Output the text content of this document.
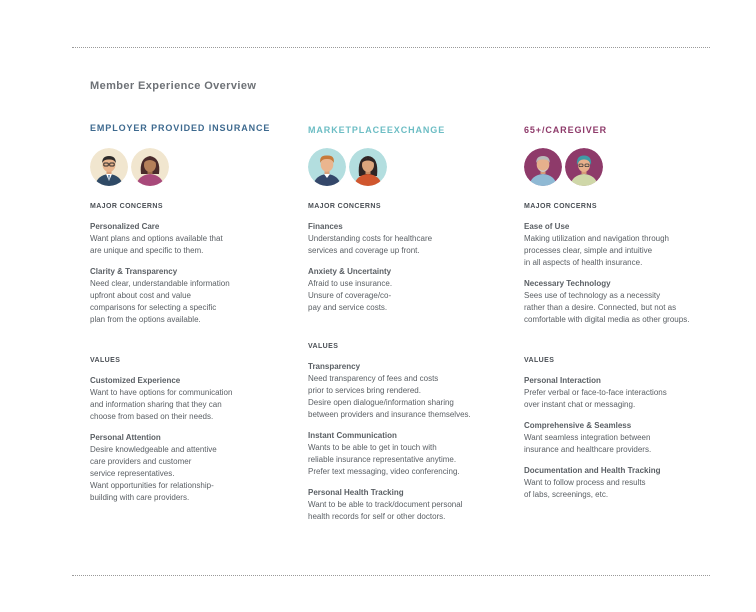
Member Experience Overview
EMPLOYER PROVIDED INSURANCE
MAJOR CONCERNS
Personalized Care
Want plans and options available that
are unique and specific to them.
Clarity & Transparency
Need clear, understandable information
upfront about cost and value
comparisons for selecting a specific
plan from the options available.
VALUES
Customized Experience
Want to have options for communication
and information sharing that they can
choose from based on their needs.
Personal Attention
Desire knowledgeable and attentive
care providers and customer
service representatives.
Want opportunities for relationship-
building with care providers.
MARKETPLACEEXCHANGE
MAJOR CONCERNS
Finances
Understanding costs for healthcare
services and coverage up front.
Anxiety & Uncertainty
Afraid to use insurance.
Unsure of coverage/co-
pay and service costs.
VALUES
Transparency
Need transparency of fees and costs
prior to services bring rendered.
Desire open dialogue/information sharing
between providers and insurance themselves.
Instant Communication
Wants to be able to get in touch with
reliable insurance representative anytime.
Prefer text messaging, video conferencing.
Personal Health Tracking
Want to be able to track/document personal
health records for self or other doctors.
65+/CAREGIVER
MAJOR CONCERNS
Ease of Use
Making utilization and navigation through
processes clear, simple and intuitive
in all aspects of health insurance.
Necessary Technology
Sees use of technology as a necessity
rather than a desire. Connected, but not as
comfortable with digital media as other groups.
VALUES
Personal Interaction
Prefer verbal or face-to-face interactions
over instant chat or messaging.
Comprehensive & Seamless
Want seamless integration between
insurance and healthcare providers.
Documentation and Health Tracking
Want to follow process and results
of labs, screenings, etc.
